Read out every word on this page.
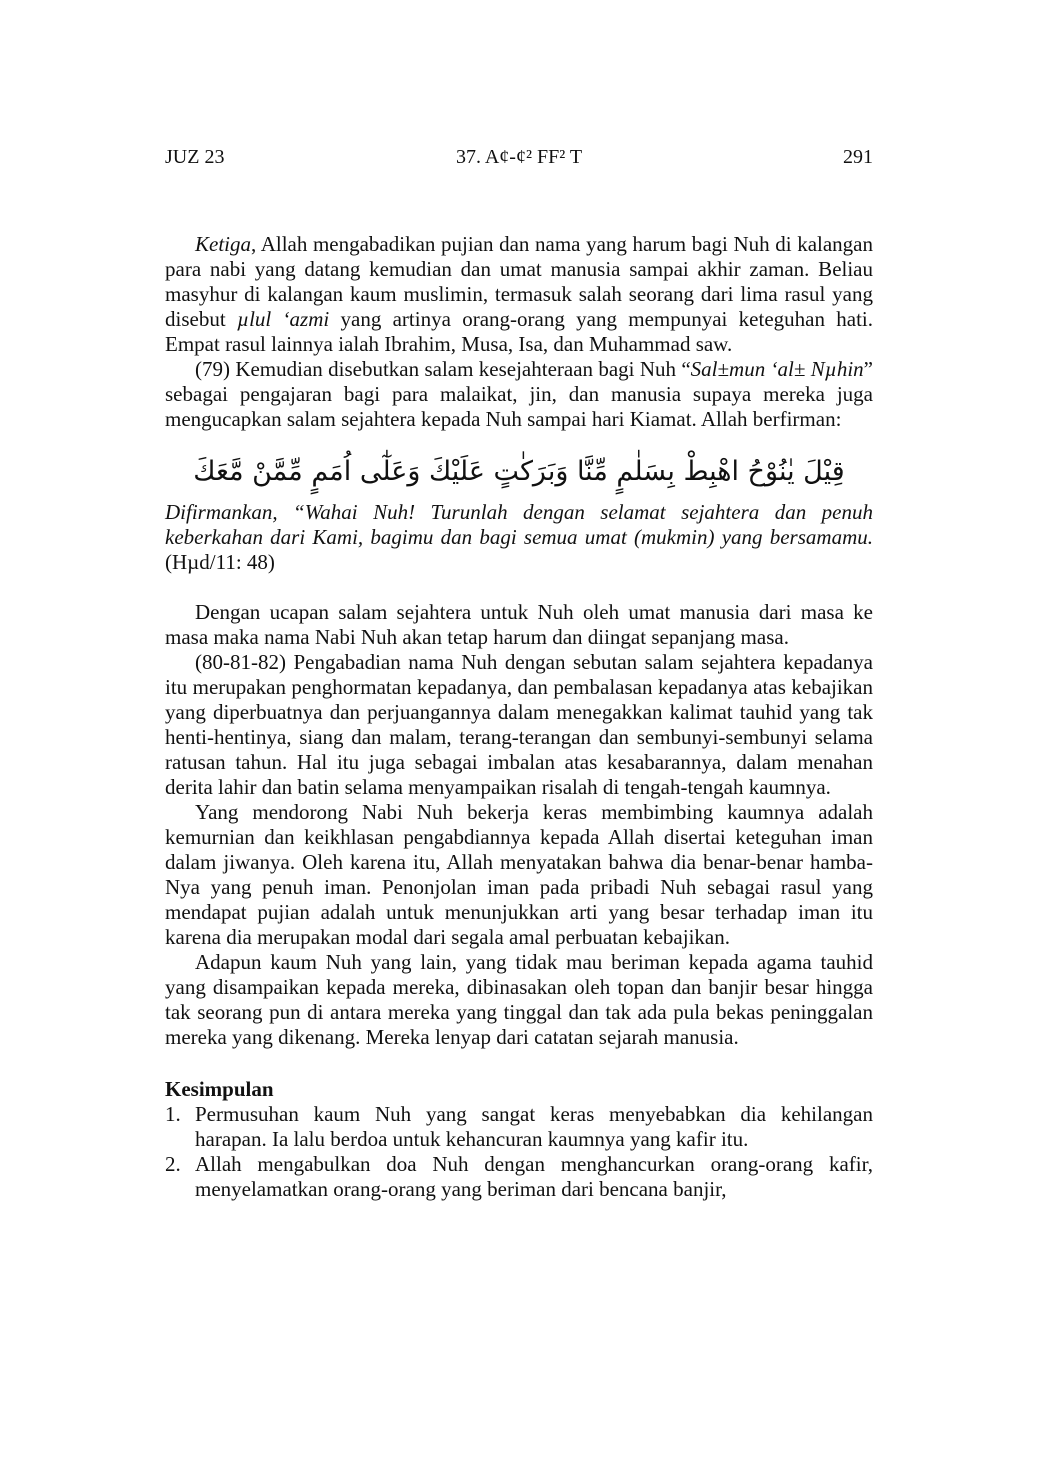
JUZ 23	37. A¢-¢² FF² T	291

Ketiga, Allah mengabadikan pujian dan nama yang harum bagi Nuh di kalangan para nabi yang datang kemudian dan umat manusia sampai akhir zaman. Beliau masyhur di kalangan kaum muslimin, termasuk salah seorang dari lima rasul yang disebut µlul ‘azmi yang artinya orang-orang yang mempunyai keteguhan hati. Empat rasul lainnya ialah Ibrahim, Musa, Isa, dan Muhammad saw.

(79) Kemudian disebutkan salam kesejahteraan bagi Nuh “Sal±mun ‘al± Nµhin” sebagai pengajaran bagi para malaikat, jin, dan manusia supaya mereka juga mengucapkan salam sejahtera kepada Nuh sampai hari Kiamat. Allah berfirman:

قِيْلَ يٰنُوْحُ اهْبِطْ بِسَلٰمٍ مِّنَّا وَبَرَكٰتٍ عَلَيْكَ وَعَلٰٓى اُمَمٍ مِّمَّنْ مَّعَكَ

Difirmankan, “Wahai Nuh! Turunlah dengan selamat sejahtera dan penuh keberkahan dari Kami, bagimu dan bagi semua umat (mukmin) yang bersamamu. (Hµd/11: 48)

Dengan ucapan salam sejahtera untuk Nuh oleh umat manusia dari masa ke masa maka nama Nabi Nuh akan tetap harum dan diingat sepanjang masa.

(80-81-82) Pengabadian nama Nuh dengan sebutan salam sejahtera kepadanya itu merupakan penghormatan kepadanya, dan pembalasan kepadanya atas kebajikan yang diperbuatnya dan perjuangannya dalam menegakkan kalimat tauhid yang tak henti-hentinya, siang dan malam, terang-terangan dan sembunyi-sembunyi selama ratusan tahun. Hal itu juga sebagai imbalan atas kesabarannya, dalam menahan derita lahir dan batin selama menyampaikan risalah di tengah-tengah kaumnya.

Yang mendorong Nabi Nuh bekerja keras membimbing kaumnya adalah kemurnian dan keikhlasan pengabdiannya kepada Allah disertai keteguhan iman dalam jiwanya. Oleh karena itu, Allah menyatakan bahwa dia benar-benar hamba-Nya yang penuh iman. Penonjolan iman pada pribadi Nuh sebagai rasul yang mendapat pujian adalah untuk menunjukkan arti yang besar terhadap iman itu karena dia merupakan modal dari segala amal perbuatan kebajikan.

Adapun kaum Nuh yang lain, yang tidak mau beriman kepada agama tauhid yang disampaikan kepada mereka, dibinasakan oleh topan dan banjir besar hingga tak seorang pun di antara mereka yang tinggal dan tak ada pula bekas peninggalan mereka yang dikenang. Mereka lenyap dari catatan sejarah manusia.

Kesimpulan

1. Permusuhan kaum Nuh yang sangat keras menyebabkan dia kehilangan harapan. Ia lalu berdoa untuk kehancuran kaumnya yang kafir itu.
2. Allah mengabulkan doa Nuh dengan menghancurkan orang-orang kafir, menyelamatkan orang-orang yang beriman dari bencana banjir,
